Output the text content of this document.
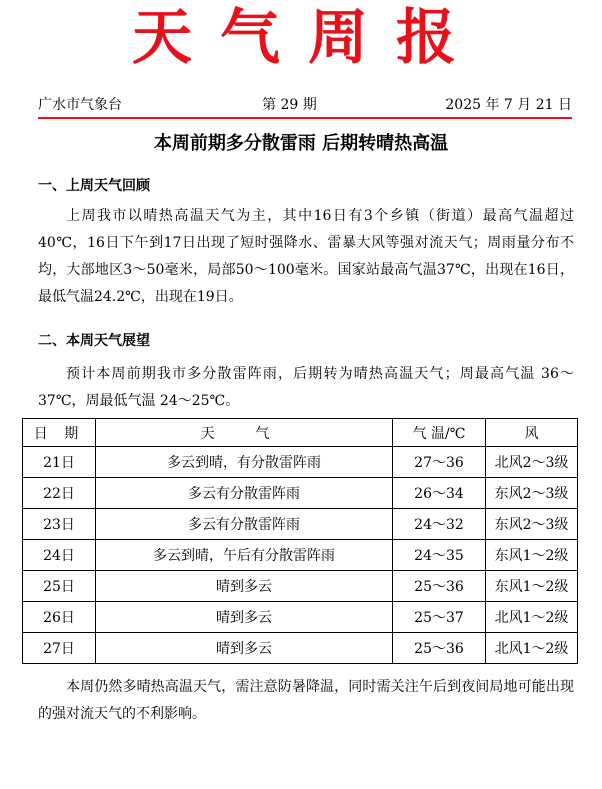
天气周报
广水市气象台	第 29 期	2025 年 7 月 21 日
本周前期多分散雷雨 后期转晴热高温
一、上周天气回顾

上周我市以晴热高温天气为主，其中16日有3个乡镇（街道）最高气温超过40℃，16日下午到17日出现了短时强降水、雷暴大风等强对流天气；周雨量分布不均，大部地区3～50毫米，局部50～100毫米。国家站最高气温37℃，出现在16日，最低气温24.2℃，出现在19日。

二、本周天气展望

预计本周前期我市多分散雷阵雨，后期转为晴热高温天气；周最高气温 36～37℃，周最低气温 24～25℃。

日 期	天 气	气 温/℃	风
21日	多云到晴，有分散雷阵雨	27～36	北风2～3级
22日	多云有分散雷阵雨	26～34	东风2～3级
23日	多云有分散雷阵雨	24～32	东风2～3级
24日	多云到晴，午后有分散雷阵雨	24～35	东风1～2级
25日	晴到多云	25～36	东风1～2级
26日	晴到多云	25～37	北风1～2级
27日	晴到多云	25～36	北风1～2级

本周仍然多晴热高温天气，需注意防暑降温，同时需关注午后到夜间局地可能出现的强对流天气的不利影响。
